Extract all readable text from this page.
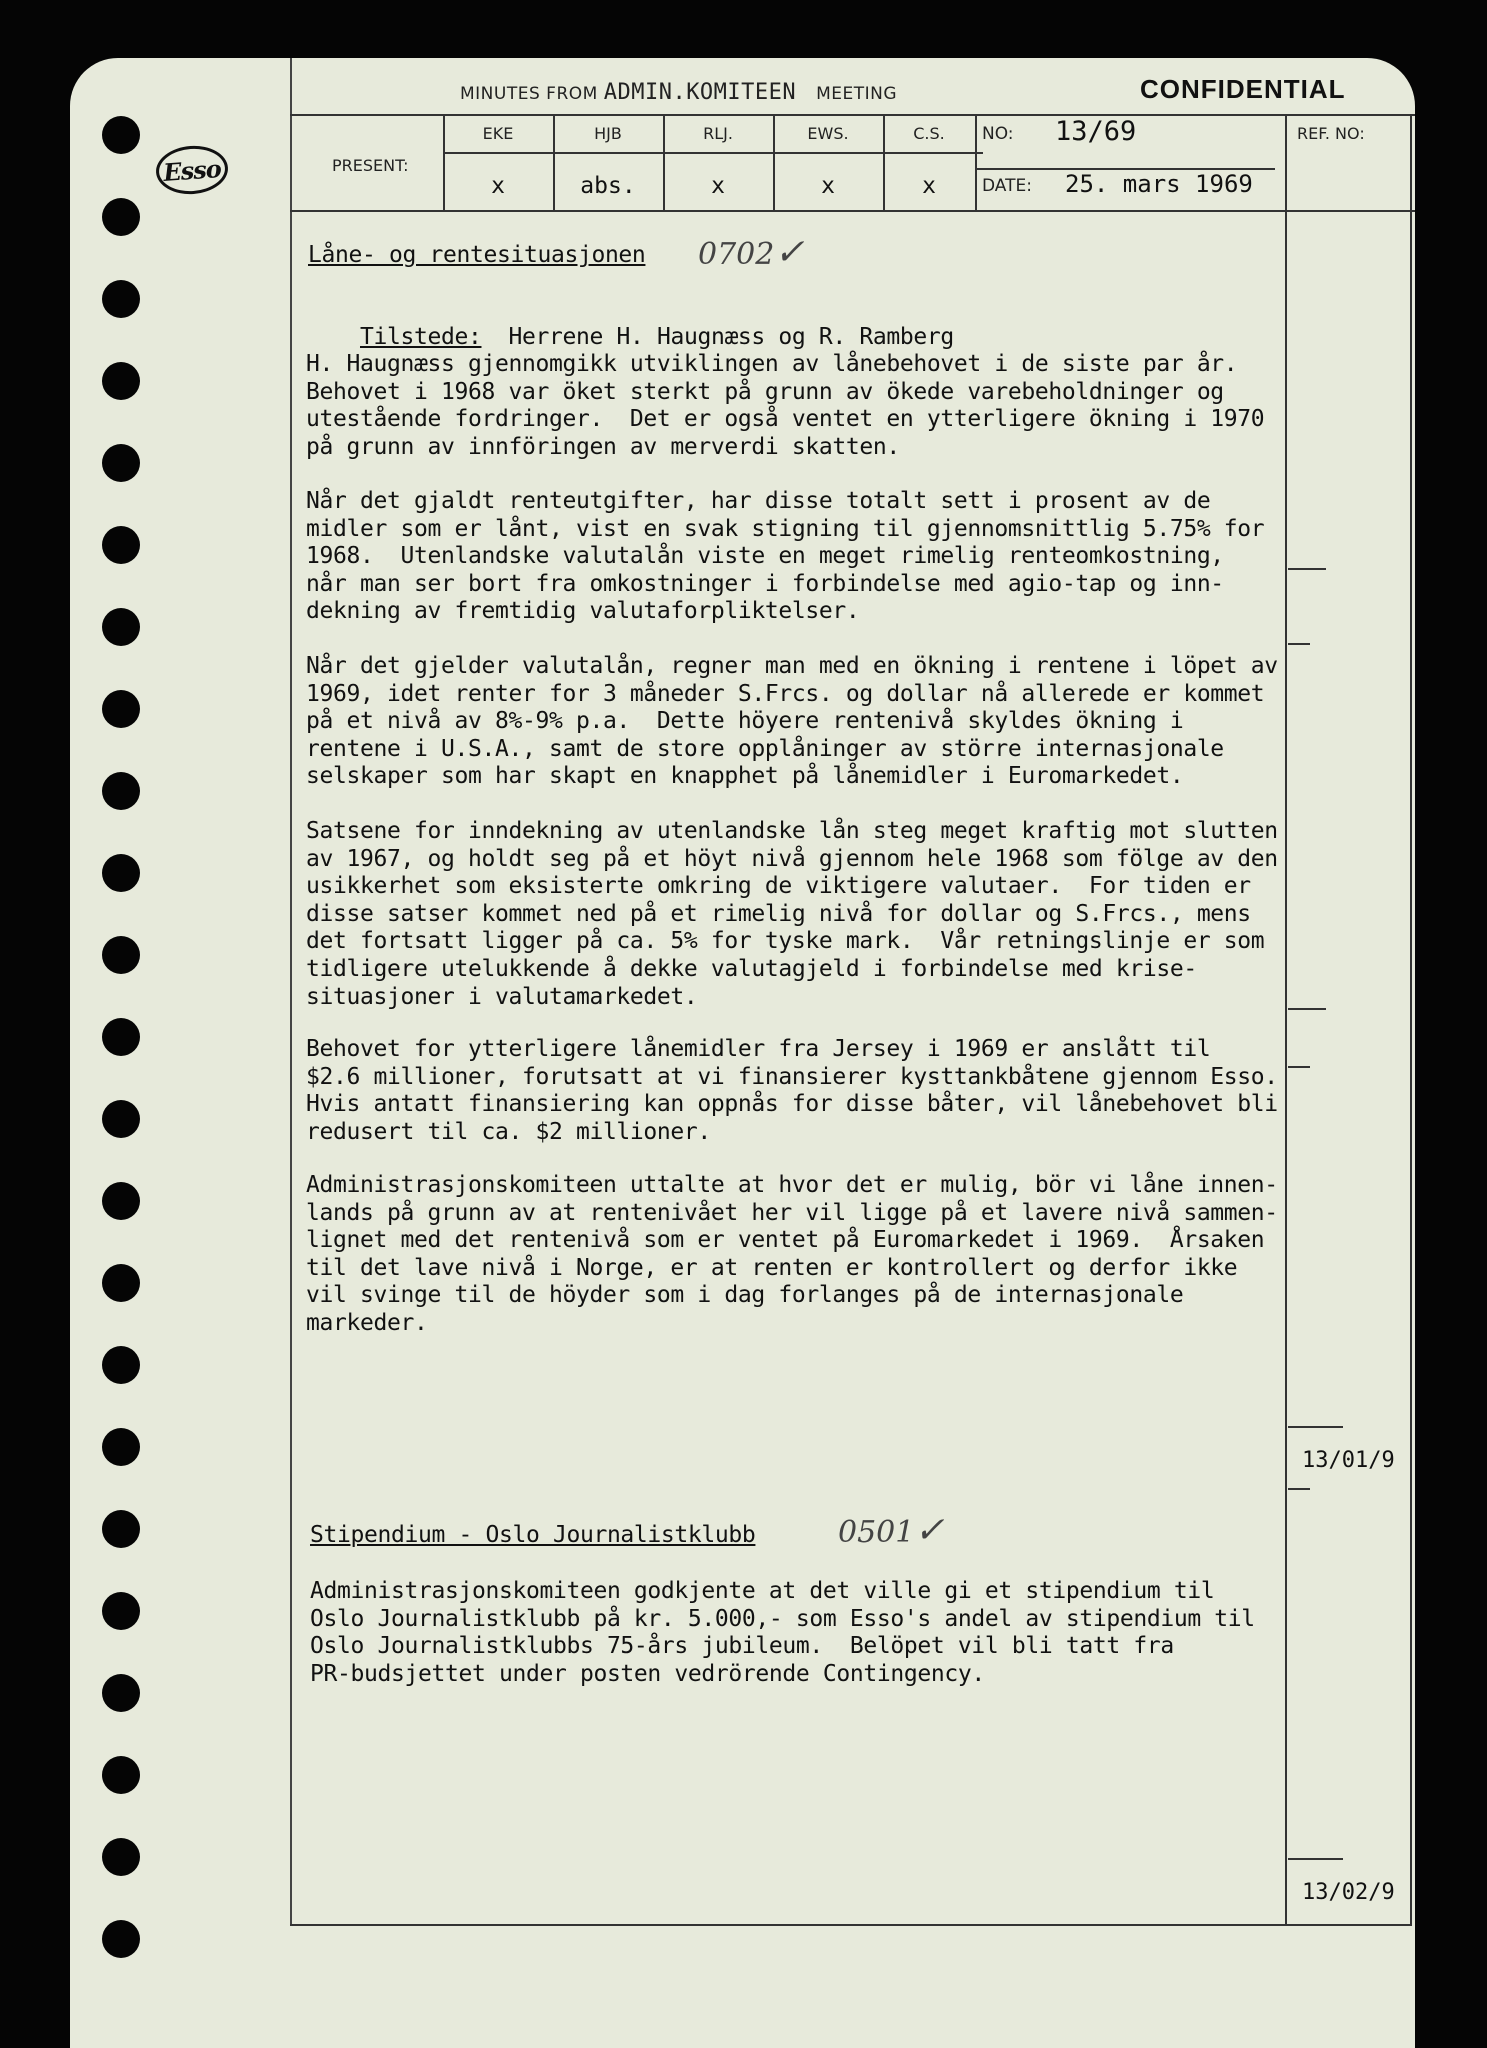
Esso
MINUTES FROM ADMIN.KOMITEEN MEETING	CONFIDENTIAL
PRESENT:
EKE	HJB	RLJ.	EWS.	C.S.
x	abs.	x	x	x
NO: 13/69
DATE: 25. mars 1969
REF. NO:
Låne- og rentesituasjonen 0702✓

Tilstede: Herrene H. Haugnæss og R. Ramberg

H. Haugnæss gjennomgikk utviklingen av lånebehovet i de siste par år.
Behovet i 1968 var öket sterkt på grunn av ökede varebeholdninger og
utestående fordringer.  Det er også ventet en ytterligere ökning i 1970
på grunn av innföringen av merverdi skatten.
Når det gjaldt renteutgifter, har disse totalt sett i prosent av de
midler som er lånt, vist en svak stigning til gjennomsnittlig 5.75% for
1968.  Utenlandske valutalån viste en meget rimelig renteomkostning,
når man ser bort fra omkostninger i forbindelse med agio-tap og inn-
dekning av fremtidig valutaforpliktelser.
Når det gjelder valutalån, regner man med en ökning i rentene i löpet av
1969, idet renter for 3 måneder S.Frcs. og dollar nå allerede er kommet
på et nivå av 8%-9% p.a.  Dette höyere rentenivå skyldes ökning i
rentene i U.S.A., samt de store opplåninger av större internasjonale
selskaper som har skapt en knapphet på lånemidler i Euromarkedet.
Satsene for inndekning av utenlandske lån steg meget kraftig mot slutten
av 1967, og holdt seg på et höyt nivå gjennom hele 1968 som fölge av den
usikkerhet som eksisterte omkring de viktigere valutaer.  For tiden er
disse satser kommet ned på et rimelig nivå for dollar og S.Frcs., mens
det fortsatt ligger på ca. 5% for tyske mark.  Vår retningslinje er som
tidligere utelukkende å dekke valutagjeld i forbindelse med krise-
situasjoner i valutamarkedet.
Behovet for ytterligere lånemidler fra Jersey i 1969 er anslått til
$2.6 millioner, forutsatt at vi finansierer kysttankbåtene gjennom Esso.
Hvis antatt finansiering kan oppnås for disse båter, vil lånebehovet bli
redusert til ca. $2 millioner.
Administrasjonskomiteen uttalte at hvor det er mulig, bör vi låne innen-
lands på grunn av at rentenivået her vil ligge på et lavere nivå sammen-
lignet med det rentenivå som er ventet på Euromarkedet i 1969.  Årsaken
til det lave nivå i Norge, er at renten er kontrollert og derfor ikke
vil svinge til de höyder som i dag forlanges på de internasjonale
markeder.
13/01/9
Stipendium - Oslo Journalistklubb	0501✓
Administrasjonskomiteen godkjente at det ville gi et stipendium til
Oslo Journalistklubb på kr. 5.000,- som Esso's andel av stipendium til
Oslo Journalistklubbs 75-års jubileum.  Belöpet vil bli tatt fra
PR-budsjettet under posten vedrörende Contingency.
13/02/9
